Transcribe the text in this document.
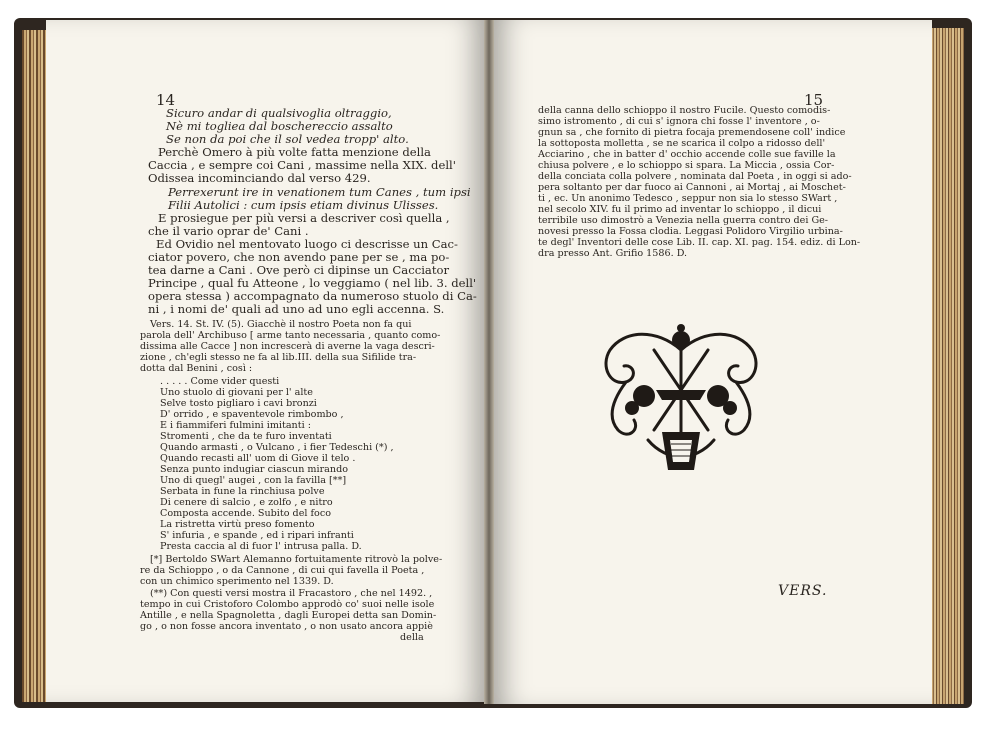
14
Sicuro andar di qualsivoglia oltraggio,
Nè mi togliea dal boschereccio assalto
Se non da poi che il sol vedea tropp' alto.
Perchè Omero à più volte fatta menzione della
Caccia , e sempre coi Cani , massime nella XIX. dell'
Odissea incominciando dal verso 429.
Perrexerunt ire in venationem tum Canes , tum ipsi
Filii Autolici : cum ipsis etiam divinus Ulisses.
E prosiegue per più versi a descriver così quella ,
che il vario oprar de' Cani .
Ed Ovidio nel mentovato luogo ci descrisse un Cac-
ciator povero, che non avendo pane per se , ma po-
tea darne a Cani . Ove però ci dipinse un Cacciator
Principe , qual fu Atteone , lo veggiamo ( nel lib. 3. dell'
opera stessa ) accompagnato da numeroso stuolo di Ca-
ni , i nomi de' quali ad uno ad uno egli accenna. S.
Vers. 14. St. IV. (5). Giacchè il nostro Poeta non fa qui
parola dell' Archibuso [ arme tanto necessaria , quanto como-
dissima alle Cacce ] non increscerà di averne la vaga descri-
zione , ch'egli stesso ne fa al lib.III. della sua Sifilide tra-
dotta dal Benini , così :
. . . . . Come vider questi
Uno stuolo di giovani per l' alte
Selve tosto pigliaro i cavi bronzi
D' orrido , e spaventevole rimbombo ,
E i fiammiferi fulmini imitanti :
Stromenti , che da te furo inventati
Quando armasti , o Vulcano , i fier Tedeschi (*) ,
Quando recasti all' uom di Giove il telo .
Senza punto indugiar ciascun mirando
Uno di quegl' augei , con la favilla [**]
Serbata in fune la rinchiusa polve
Di cenere di salcio , e zolfo , e nitro
Composta accende. Subito del foco
La ristretta virtù preso fomento
S' infuria , e spande , ed i ripari infranti
Presta caccia al di fuor l' intrusa palla. D.
[*] Bertoldo SWart Alemanno fortuitamente ritrovò la polve-
re da Schioppo , o da Cannone , di cui qui favella il Poeta ,
con un chimico sperimento nel 1339. D.
(**) Con questi versi mostra il Fracastoro , che nel 1492. ,
tempo in cui Cristoforo Colombo approdò co' suoi nelle isole
Antille , e nella Spagnoletta , dagli Europei detta san Domin-
go , o non fosse ancora inventato , o non usato ancora appiè
della
15
della canna dello schioppo il nostro Fucile. Questo comodis-
simo istromento , di cui s' ignora chi fosse l' inventore , o-
gnun sa , che fornito di pietra focaja premendosene coll' indice
la sottoposta molletta , se ne scarica il colpo a ridosso dell'
Acciarino , che in batter d' occhio accende colle sue faville la
chiusa polvere , e lo schioppo si spara. La Miccia , ossia Cor-
della conciata colla polvere , nominata dal Poeta , in oggi si ado-
pera soltanto per dar fuoco ai Cannoni , ai Mortaj , ai Moschet-
ti , ec. Un anonimo Tedesco , seppur non sia lo stesso SWart ,
nel secolo XIV. fu il primo ad inventar lo schioppo , il dicui
terribile uso dimostrò a Venezia nella guerra contro dei Ge-
novesi presso la Fossa clodia. Leggasi Polidoro Virgilio urbina-
te degl' Inventori delle cose Lib. II. cap. XI. pag. 154. ediz. di Lon-
dra presso Ant. Grifio 1586. D.
VERS.
